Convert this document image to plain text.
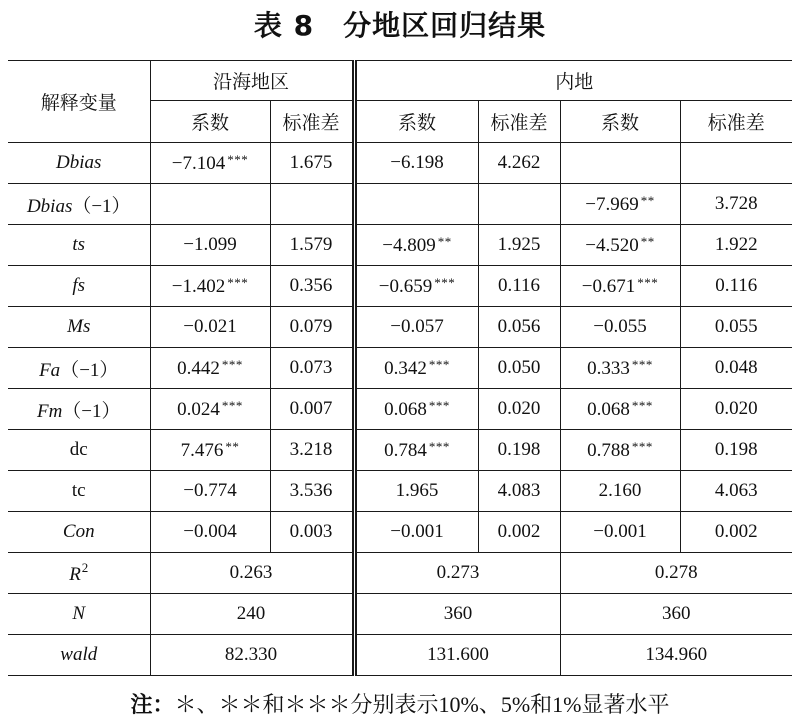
表 8　分地区回归结果
解释变量	沿海地区		内地			
	系数	标准差	系数	标准差	系数	标准差
Dbias	−7.104 ***	1.675	−6.198	4.262		
Dbias（−1）					−7.969 **	3.728
ts	−1.099	1.579	−4.809 **	1.925	−4.520 **	1.922
fs	−1.402 ***	0.356	−0.659 ***	0.116	−0.671 ***	0.116
Ms	−0.021	0.079	−0.057	0.056	−0.055	0.055
Fa（−1）	0.442 ***	0.073	0.342 ***	0.050	0.333 ***	0.048
Fm（−1）	0.024 ***	0.007	0.068 ***	0.020	0.068 ***	0.020
dc	7.476 **	3.218	0.784 ***	0.198	0.788 ***	0.198
tc	−0.774	3.536	1.965	4.083	2.160	4.063
Con	−0.004	0.003	−0.001	0.002	−0.001	0.002
$R^2$	0.263		0.273		0.278	
N	240		360		360	
wald	82.330		131.600		134.960	
注：＊、＊＊和＊＊＊分别表示10%、5%和1%显著水平
